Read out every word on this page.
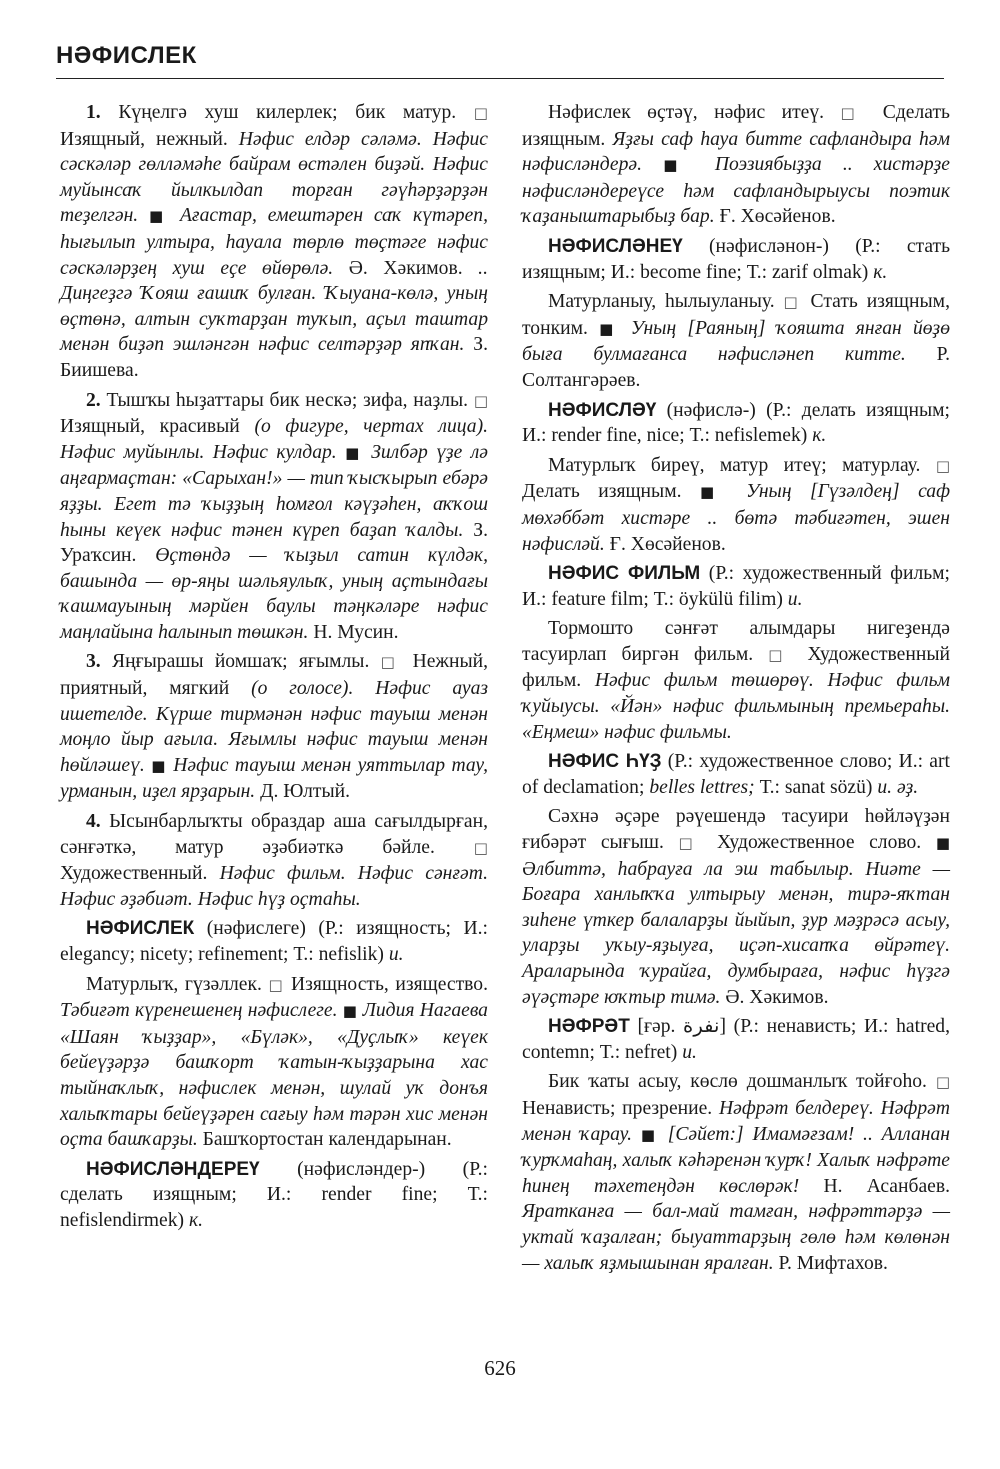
НӘФИСЛЕК

1. Күңелгә хуш килерлек; бик матур. □ Изящный, нежный. Нәфис елдәр сәләмә. Нәфис сәскәләр гөлләмәһе байрам өстәлен биҙәй. Нәфис муйынсаҡ йылкылдап торған гәүһәрҙәрҙән теҙелгән. ■ Ағастар, емештәрен саҡ күтәреп, һығылып ултыра, һауала төрлө төҫтәге нәфис сәскәләрҙең хуш еҫе өйөрөлә. Ә. Хәкимов. .. Диңгеҙгә Ҡояш ғашиҡ булған. Ҡыуана-көлә, уның өҫтөнә, алтын суҡтарҙан туҡып, аҫыл таштар менән биҙәп эшләнгән нәфис селтәрҙәр япҡан. З. Биишева.

2. Тышҡы һыҙаттары бик нескә; зифа, наҙлы. □ Изящный, красивый (о фигуре, чертах лица). Нәфис муйынлы. Нәфис кулдар. ■ Зилбәр үҙе лә аңғармаҫтан: «Сарыхан!» — тип ҡысҡырып ебәрә яҙҙы. Егет тә ҡыҙҙың һомғол кәүҙәһен, аҡҡош һыны кеүек нәфис тәнен күреп баҙап ҡалды. З. Ураҡсин. Өҫтөндә — ҡыҙыл сатин күлдәк, башында — өр-яңы шәльяулыҡ, уның аҫтындағы ҡашмауының мәрйен баулы тәңкәләре нәфис маңлайына һалынып төшкән. Н. Мусин.

3. Яңғырашы йомшаҡ; яғымлы. □ Нежный, приятный, мягкий (о голосе). Нәфис ауаз ишетелде. Күрше тирмәнән нәфис тауыш менән моңло йыр ағыла. Яғымлы нәфис тауыш менән һөйләшеү. ■ Нәфис тауыш менән уяттылар тау, урманын, иҙел ярҙарын. Д. Юлтый.

4. Ысынбарлыҡты образдар аша сағылдырған, сәнғәткә, матур әҙәбиәткә бәйле.	□ Художественный. Нәфис фильм. Нәфис сәнғәт. Нәфис әҙәбиәт. Нәфис һүҙ оҫтаһы.

НӘФИСЛЕК (нәфислеге) (Р.: изящность; И.: elegancy; nicety; refinement; Т.: nefislik) и.

Матурлыҡ, гүзәллек. □ Изящность, изящество. Тәбиғәт күренешенең нәфислеге. ■ Лидия Нагаева «Шаян ҡыҙҙар», «Бүләк», «Дуҫлыҡ» кеүек бейеүҙәрҙә башҡорт ҡатын-ҡыҙҙарына хас тыйнаҡлыҡ, нәфислек менән, шулай уҡ донъя халыҡтары бейеүҙәрен сағыу һәм тәрән хис менән оҫта башҡарҙы. Башҡортостан календарынан.

НӘФИСЛӘНДЕРЕҮ (нәфисләндер-) (Р.: сделать изящным; И.: render fine; Т.: nefislendirmek) к.

Нәфислек өҫтәү, нәфис итеү. □ Сделать изящным. Яҙғы саф һауа битте сафландыра һәм нәфисләндерә. ■ Поэзиябыҙҙа .. хистәрҙе нәфисләндереүсе һәм сафландырыусы поэтик ҡаҙаныштарыбыҙ бар. Ғ. Хөсәйенов.

НӘФИСЛӘНЕҮ (нәфисләнон-) (Р.: стать изящным; И.: become fine; Т.: zarif olmak) к.

Матурланыу, һылыуланыу. □ Стать изящным, тонким. ■ Уның [Раяның] ҡояшта янған йөҙө быға булмағанса нәфисләнеп китте. Р. Солтангәрәев.

НӘФИСЛӘҮ (нәфислә-) (Р.: делать изящным; И.: render fine, nice; Т.: nefislemek) к.

Матурлыҡ биреү, матур итеү; матурлау. □ Делать изящным. ■ Уның [Гүзәлдең] саф мөхәббәт хистәре .. бөтә тәбиғәтен, эшен нәфисләй. Ғ. Хөсәйенов.

НӘФИС ФИЛЬМ (Р.: художественный фильм; И.: feature film; Т.: öykülü filim) и.

Тормошто сәнғәт алымдары нигеҙендә тасуирлап биргән фильм. □ Художественный фильм. Нәфис фильм төшөрөү. Нәфис фильм ҡуйыусы. «Йән» нәфис фильмының премьераһы. «Еңмеш» нәфис фильмы.

НӘФИС ҺҮҘ (Р.: художественное слово; И.: art of declamation; belles lettres; Т.: sanat sözü) и. әҙ.

Сәхнә әҫәре рәүешендә тасуири һөйләүҙән ғибәрәт сығыш. □ Художественное слово. ■ Әлбиттә, һабрауға ла эш табылыр. Ниәте — Боғара ханлыҡҡа ултырыу менән, тирә-яҡтан зиһене үткер балаларҙы йыйып, ҙур мәҙрәсә асыу, уларҙы уҡыу-яҙыуға, иҫәп-хисапҡа өйрәтеү. Араларында ҡурайға, думбыраға, нәфис һүҙгә әүәҫтәре юҡтыр тимә. Ә. Хәкимов.

НӘФРӘТ [ғәр. نفرة] (Р.: ненависть; И.: hatred, contemn; Т.: nefret) и.

Бик ҡаты асыу, көслө дошманлыҡ тойғоһо. □ Ненависть; презрение. Нәфрәт белдереү. Нәфрәт менән ҡарау. ■ [Сәйет:] Имамәғзам! .. Алланан ҡурҡмаһаң, халыҡ кәһәренән ҡурҡ! Халыҡ нәфрәте һинең тәхетеңдән көслөрәк! Н. Асанбаев. Яратканға — бал-май тамған, нәфрәттәрҙә — уктай ҡаҙалған; быуаттарҙың гөлө һәм көлөнән — халыҡ яҙмышынан яралған. Р. Мифтахов.

626
